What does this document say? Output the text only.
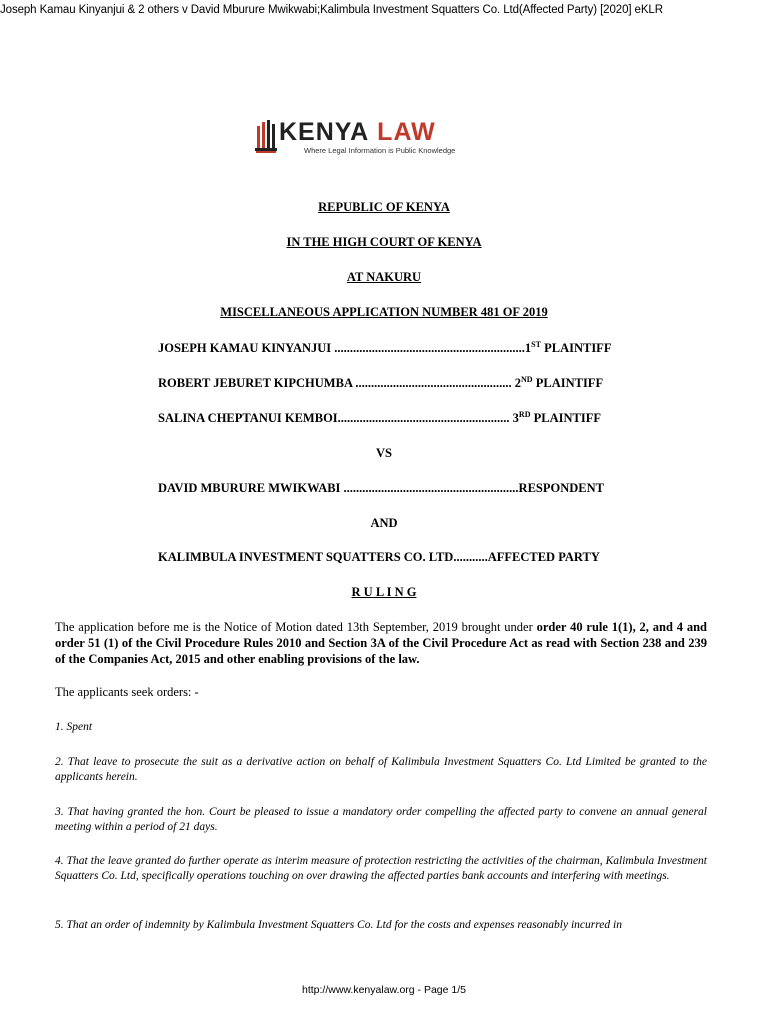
Joseph Kamau Kinyanjui & 2 others v David Mburure Mwikwabi;Kalimbula Investment Squatters Co. Ltd(Affected Party) [2020] eKLR
KENYA LAW
Where Legal Information is Public Knowledge
REPUBLIC OF KENYA
IN THE HIGH COURT OF KENYA
AT NAKURU
MISCELLANEOUS APPLICATION NUMBER 481 OF 2019
JOSEPH KAMAU KINYANJUI .............................................................1ST PLAINTIFF
ROBERT JEBURET KIPCHUMBA .................................................. 2ND PLAINTIFF
SALINA CHEPTANUI KEMBOI....................................................... 3RD PLAINTIFF
VS
DAVID MBURURE MWIKWABI ........................................................RESPONDENT
AND
KALIMBULA INVESTMENT SQUATTERS CO. LTD...........AFFECTED PARTY
R U L I N G
The application before me is the Notice of Motion dated 13th September, 2019 brought under order 40 rule 1(1), 2, and 4 and order 51 (1) of the Civil Procedure Rules 2010 and Section 3A of the Civil Procedure Act as read with Section 238 and 239 of the Companies Act, 2015 and other enabling provisions of the law.
The applicants seek orders: -
1. Spent
2. That leave to prosecute the suit as a derivative action on behalf of Kalimbula Investment Squatters Co. Ltd Limited be granted to the applicants herein.
3. That having granted the hon. Court be pleased to issue a mandatory order compelling the affected party to convene an annual general meeting within a period of 21 days.
4. That the leave granted do further operate as interim measure of protection restricting the activities of the chairman, Kalimbula Investment Squatters Co. Ltd, specifically operations touching on over drawing the affected parties bank accounts and interfering with meetings.
5. That an order of indemnity by Kalimbula Investment Squatters Co. Ltd for the costs and expenses reasonably incurred in
http://www.kenyalaw.org - Page 1/5
